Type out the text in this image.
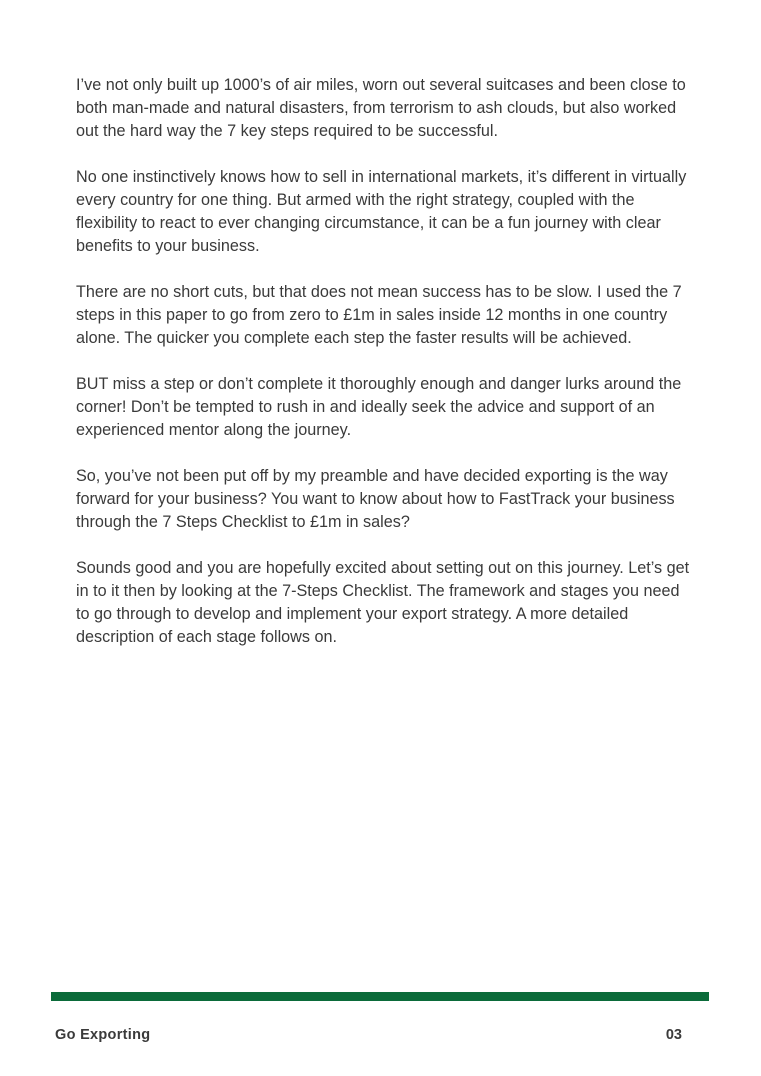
I’ve not only built up 1000’s of air miles, worn out several suitcases and been close to both man-made and natural disasters, from terrorism to ash clouds, but also worked out the hard way the 7 key steps required to be successful.

No one instinctively knows how to sell in international markets, it’s different in virtually every country for one thing. But armed with the right strategy, coupled with the flexibility to react to ever changing circumstance, it can be a fun journey with clear benefits to your business.

There are no short cuts, but that does not mean success has to be slow. I used the 7 steps in this paper to go from zero to £1m in sales inside 12 months in one country alone. The quicker you complete each step the faster results will be achieved.

BUT miss a step or don’t complete it thoroughly enough and danger lurks around the corner! Don’t be tempted to rush in and ideally seek the advice and support of an experienced mentor along the journey.

So, you’ve not been put off by my preamble and have decided exporting is the way forward for your business? You want to know about how to FastTrack your business through the 7 Steps Checklist to £1m in sales?

Sounds good and you are hopefully excited about setting out on this journey. Let’s get in to it then by looking at the 7-Steps Checklist. The framework and stages you need to go through to develop and implement your export strategy. A more detailed description of each stage follows on.

Go Exporting	03
